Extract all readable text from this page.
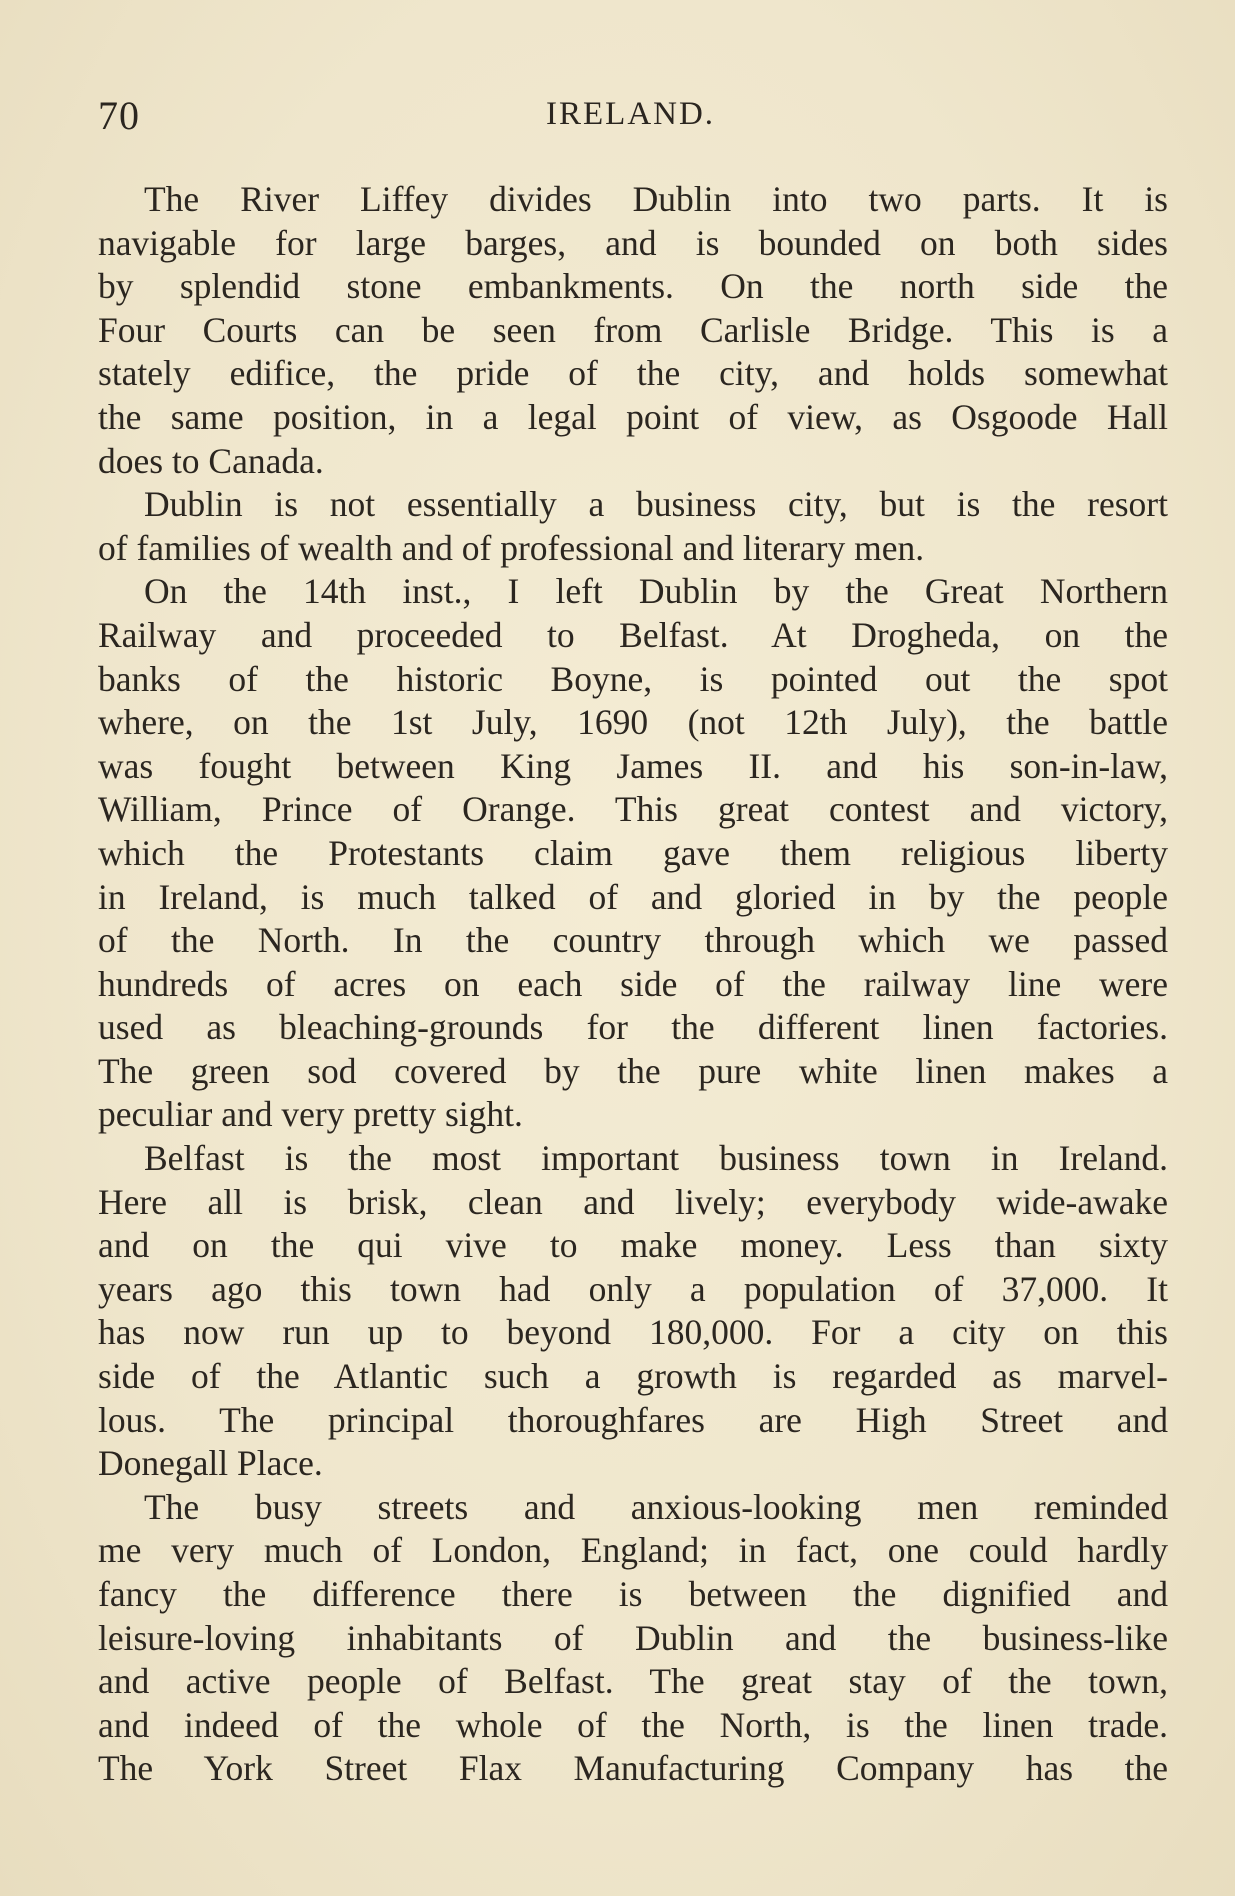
70	IRELAND.
The River Liffey divides Dublin into two parts. It is
navigable for large barges, and is bounded on both sides
by splendid stone embankments. On the north side the
Four Courts can be seen from Carlisle Bridge. This is a
stately edifice, the pride of the city, and holds somewhat
the same position, in a legal point of view, as Osgoode Hall
does to Canada.
Dublin is not essentially a business city, but is the resort
of families of wealth and of professional and literary men.
On the 14th inst., I left Dublin by the Great Northern
Railway and proceeded to Belfast. At Drogheda, on the
banks of the historic Boyne, is pointed out the spot
where, on the 1st July, 1690 (not 12th July), the battle
was fought between King James II. and his son-in-law,
William, Prince of Orange. This great contest and victory,
which the Protestants claim gave them religious liberty
in Ireland, is much talked of and gloried in by the people
of the North. In the country through which we passed
hundreds of acres on each side of the railway line were
used as bleaching-grounds for the different linen factories.
The green sod covered by the pure white linen makes a
peculiar and very pretty sight.
Belfast is the most important business town in Ireland.
Here all is brisk, clean and lively; everybody wide-awake
and on the qui vive to make money. Less than sixty
years ago this town had only a population of 37,000. It
has now run up to beyond 180,000. For a city on this
side of the Atlantic such a growth is regarded as marvel-
lous. The principal thoroughfares are High Street and
Donegall Place.
The busy streets and anxious-looking men reminded
me very much of London, England; in fact, one could hardly
fancy the difference there is between the dignified and
leisure-loving inhabitants of Dublin and the business-like
and active people of Belfast. The great stay of the town,
and indeed of the whole of the North, is the linen trade.
The York Street Flax Manufacturing Company has the
